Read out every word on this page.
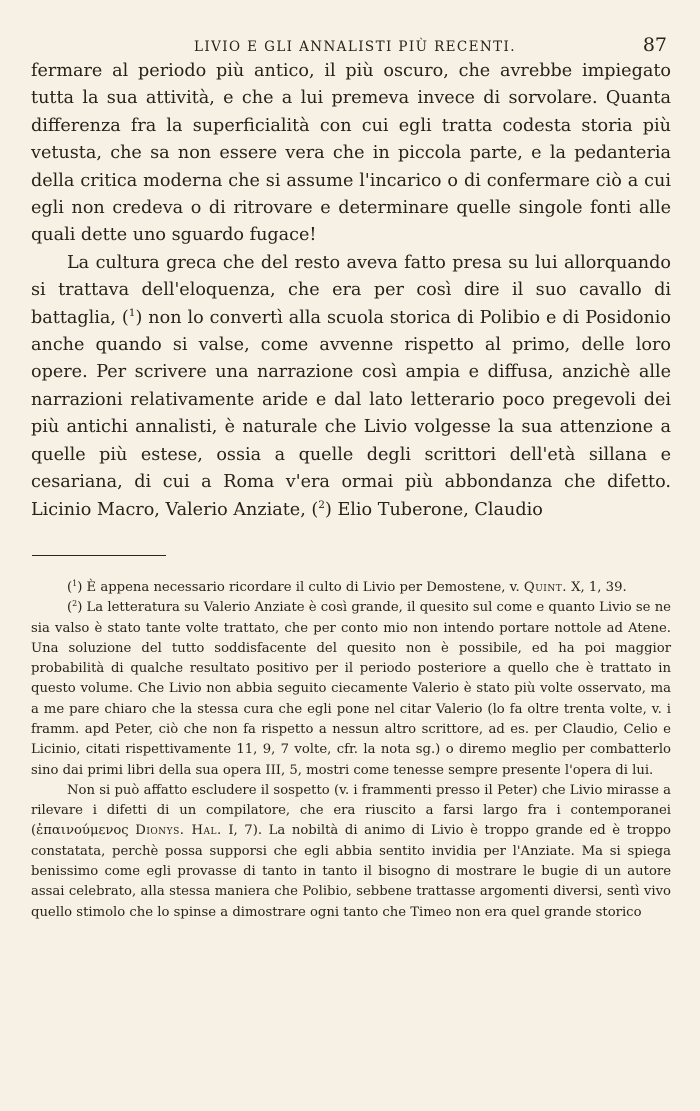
LIVIO E GLI ANNALISTI PIÙ RECENTI.	87

fermare al periodo più antico, il più oscuro, che avrebbe impiegato tutta la sua attività, e che a lui premeva invece di sorvolare. Quanta differenza fra la superficialità con cui egli tratta codesta storia più vetusta, che sa non essere vera che in piccola parte, e la pedanteria della critica moderna che si assume l'incarico o di confermare ciò a cui egli non credeva o di ritrovare e determinare quelle singole fonti alle quali dette uno sguardo fugace!

La cultura greca che del resto aveva fatto presa su lui allorquando si trattava dell'eloquenza, che era per così dire il suo cavallo di battaglia, ($^1$) non lo convertì alla scuola storica di Polibio e di Posidonio anche quando si valse, come avvenne rispetto al primo, delle loro opere. Per scrivere una narrazione così ampia e diffusa, anzichè alle narrazioni relativamente aride e dal lato letterario poco pregevoli dei più antichi annalisti, è naturale che Livio volgesse la sua attenzione a quelle più estese, ossia a quelle degli scrittori dell'età sillana e cesariana, di cui a Roma v'era ormai più abbondanza che difetto. Licinio Macro, Valerio Anziate, ($^2$) Elio Tuberone, Claudio

($^1$) È appena necessario ricordare il culto di Livio per Demostene, v. Quint. X, 1, 39.

($^2$) La letteratura su Valerio Anziate è così grande, il quesito sul come e quanto Livio se ne sia valso è stato tante volte trattato, che per conto mio non intendo portare nottole ad Atene. Una soluzione del tutto soddisfacente del quesito non è possibile, ed ha poi maggior probabilità di qualche resultato positivo per il periodo posteriore a quello che è trattato in questo volume. Che Livio non abbia seguito ciecamente Valerio è stato più volte osservato, ma a me pare chiaro che la stessa cura che egli pone nel citar Valerio (lo fa oltre trenta volte, v. i framm. apd Peter, ciò che non fa rispetto a nessun altro scrittore, ad es. per Claudio, Celio e Licinio, citati rispettivamente 11, 9, 7 volte, cfr. la nota sg.) o diremo meglio per combatterlo sino dai primi libri della sua opera III, 5, mostri come tenesse sempre presente l'opera di lui.

Non si può affatto escludere il sospetto (v. i frammenti presso il Peter) che Livio mirasse a rilevare i difetti di un compilatore, che era riuscito a farsi largo fra i contemporanei (ἐπαινούμενος Dionys. Hal. I, 7). La nobiltà di animo di Livio è troppo grande ed è troppo constatata, perchè possa supporsi che egli abbia sentito invidia per l'Anziate. Ma si spiega benissimo come egli provasse di tanto in tanto il bisogno di mostrare le bugie di un autore assai celebrato, alla stessa maniera che Polibio, sebbene trattasse argomenti diversi, sentì vivo quello stimolo che lo spinse a dimostrare ogni tanto che Timeo non era quel grande storico
